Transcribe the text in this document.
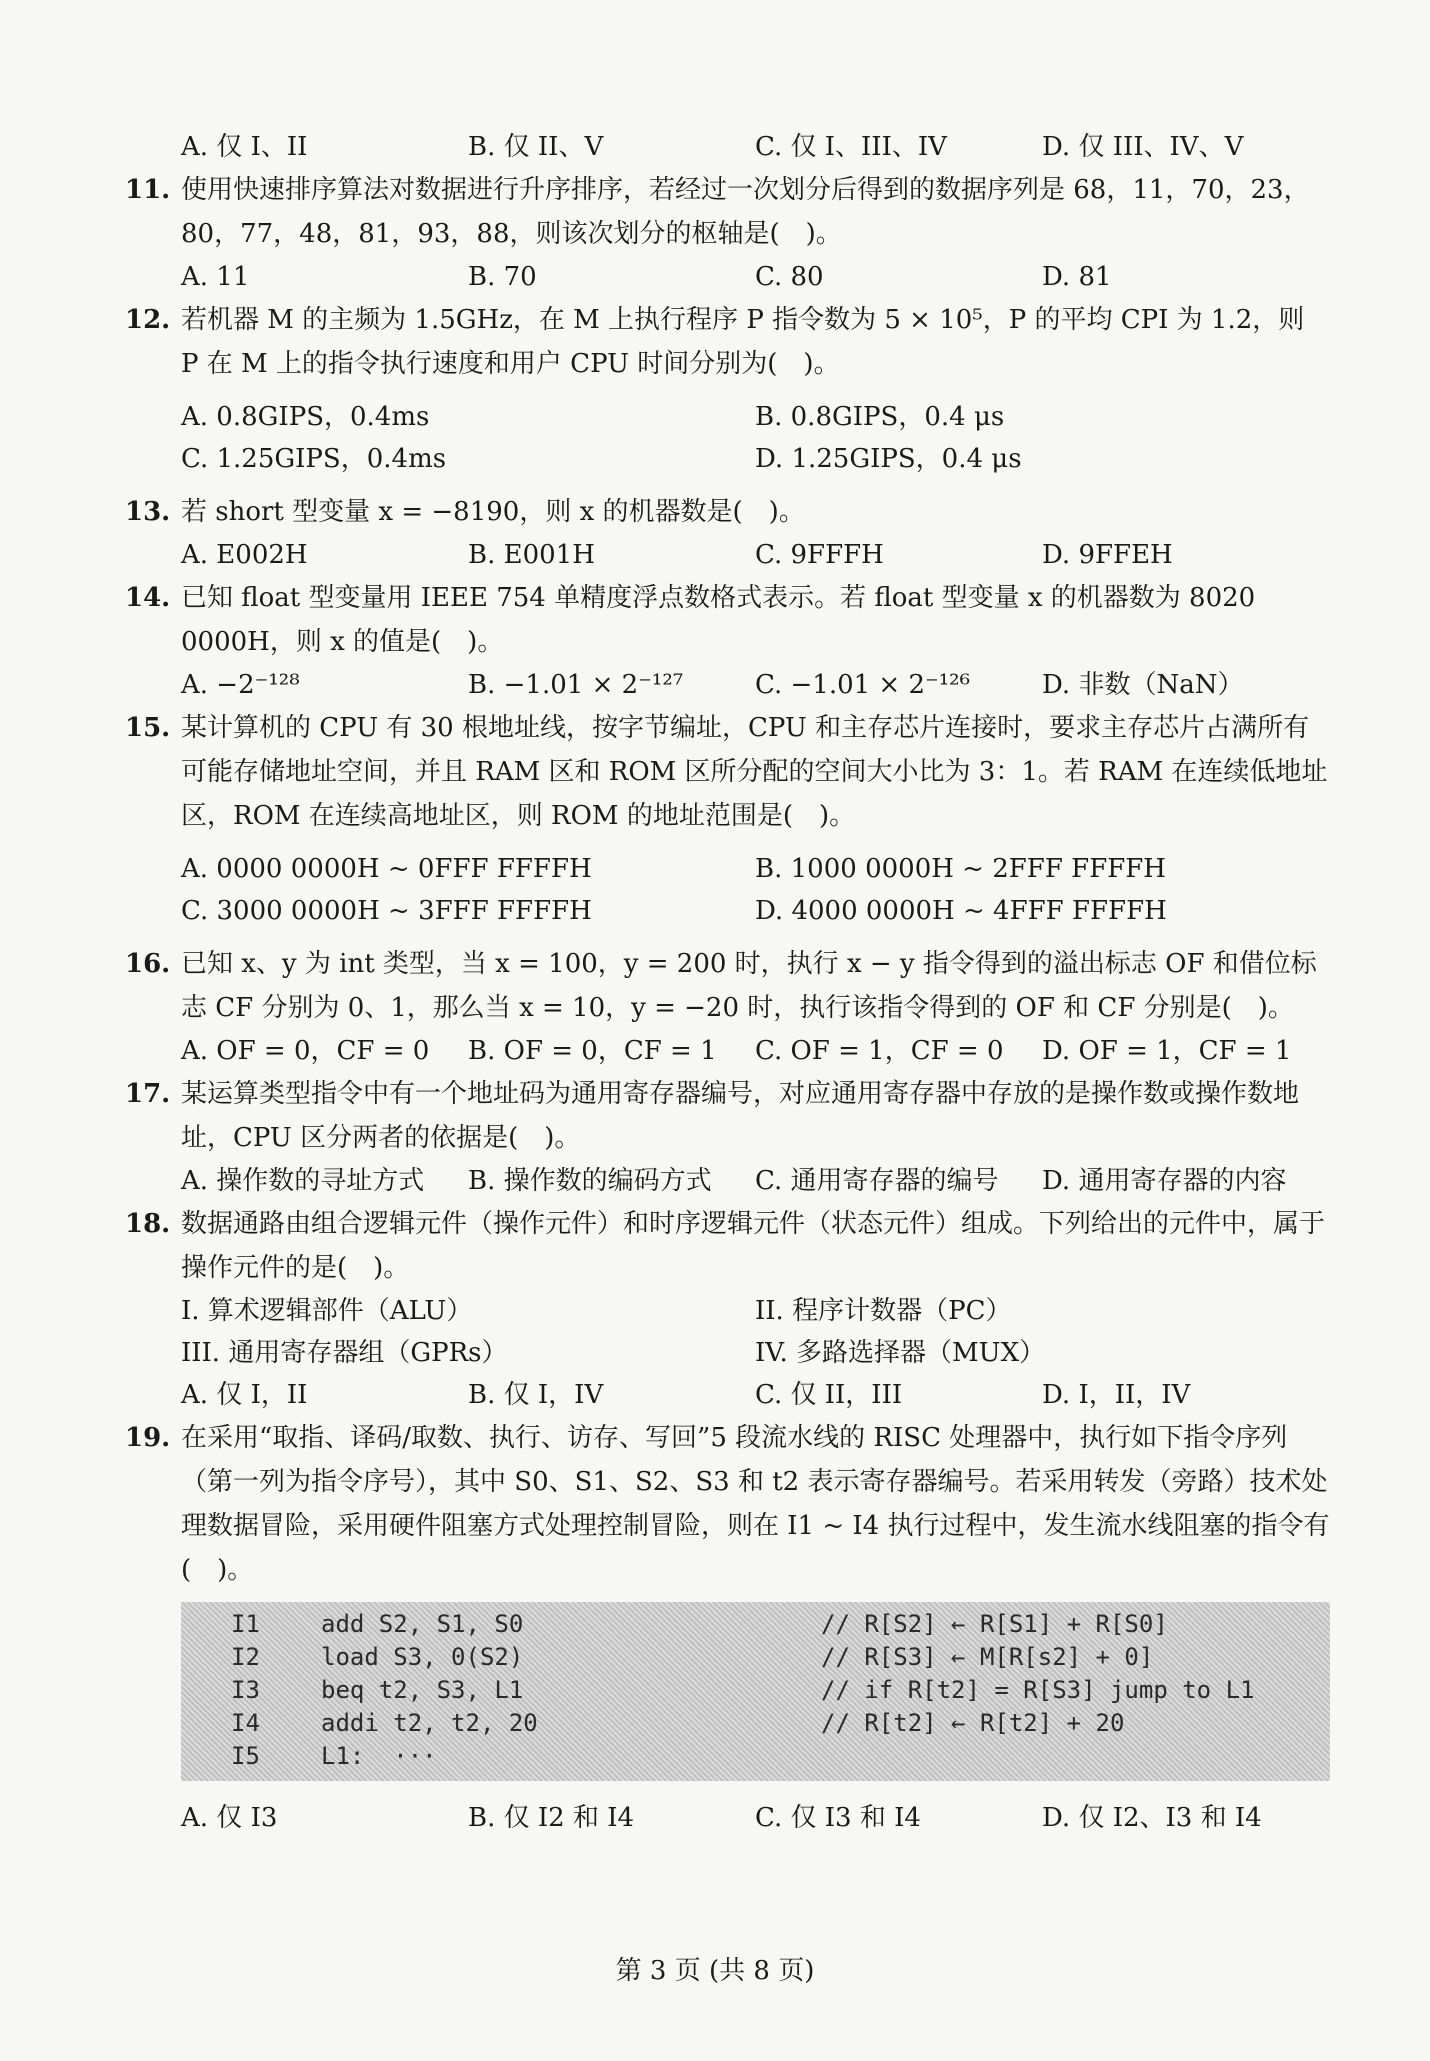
A. 仅 I、II	B. 仅 II、V	C. 仅 I、III、IV	D. 仅 III、IV、V
11. 使用快速排序算法对数据进行升序排序，若经过一次划分后得到的数据序列是 68，11，70，23，80，77，48，81，93，88，则该次划分的枢轴是(　)。
A. 11	B. 70	C. 80	D. 81
12. 若机器 M 的主频为 1.5GHz，在 M 上执行程序 P 指令数为 5 × 10⁵，P 的平均 CPI 为 1.2，则 P 在 M 上的指令执行速度和用户 CPU 时间分别为(　)。
A. 0.8GIPS，0.4ms	B. 0.8GIPS，0.4 μs
C. 1.25GIPS，0.4ms	D. 1.25GIPS，0.4 μs
13. 若 short 型变量 x = −8190，则 x 的机器数是(　)。
A. E002H	B. E001H	C. 9FFFH	D. 9FFEH
14. 已知 float 型变量用 IEEE 754 单精度浮点数格式表示。若 float 型变量 x 的机器数为 8020 0000H，则 x 的值是(　)。
A. −2⁻¹²⁸	B. −1.01 × 2⁻¹²⁷	C. −1.01 × 2⁻¹²⁶	D. 非数（NaN）
15. 某计算机的 CPU 有 30 根地址线，按字节编址，CPU 和主存芯片连接时，要求主存芯片占满所有可能存储地址空间，并且 RAM 区和 ROM 区所分配的空间大小比为 3：1。若 RAM 在连续低地址区，ROM 在连续高地址区，则 ROM 的地址范围是(　)。
A. 0000 0000H ~ 0FFF FFFFH	B. 1000 0000H ~ 2FFF FFFFH
C. 3000 0000H ~ 3FFF FFFFH	D. 4000 0000H ~ 4FFF FFFFH
16. 已知 x、y 为 int 类型，当 x = 100，y = 200 时，执行 x − y 指令得到的溢出标志 OF 和借位标志 CF 分别为 0、1，那么当 x = 10，y = −20 时，执行该指令得到的 OF 和 CF 分别是(　)。
A. OF = 0，CF = 0	B. OF = 0，CF = 1	C. OF = 1，CF = 0	D. OF = 1，CF = 1
17. 某运算类型指令中有一个地址码为通用寄存器编号，对应通用寄存器中存放的是操作数或操作数地址，CPU 区分两者的依据是(　)。
A. 操作数的寻址方式	B. 操作数的编码方式	C. 通用寄存器的编号	D. 通用寄存器的内容
18. 数据通路由组合逻辑元件（操作元件）和时序逻辑元件（状态元件）组成。下列给出的元件中，属于操作元件的是(　)。
I. 算术逻辑部件（ALU）	II. 程序计数器（PC）
III. 通用寄存器组（GPRs）	IV. 多路选择器（MUX）
A. 仅 I，II	B. 仅 I，IV	C. 仅 II，III	D. I，II，IV
19. 在采用“取指、译码/取数、执行、访存、写回”5 段流水线的 RISC 处理器中，执行如下指令序列（第一列为指令序号），其中 S0、S1、S2、S3 和 t2 表示寄存器编号。若采用转发（旁路）技术处理数据冒险，采用硬件阻塞方式处理控制冒险，则在 I1 ~ I4 执行过程中，发生流水线阻塞的指令有(　)。
I1	add S2, S1, S0	// R[S2] ← R[S1] + R[S0]
I2	load S3, 0(S2)	// R[S3] ← M[R[s2] + 0]
I3	beq t2, S3, L1	// if R[t2] = R[S3] jump to L1
I4	addi t2, t2, 20	// R[t2] ← R[t2] + 20
I5	L1:  ···
A. 仅 I3	B. 仅 I2 和 I4	C. 仅 I3 和 I4	D. 仅 I2、I3 和 I4
第 3 页 (共 8 页)
